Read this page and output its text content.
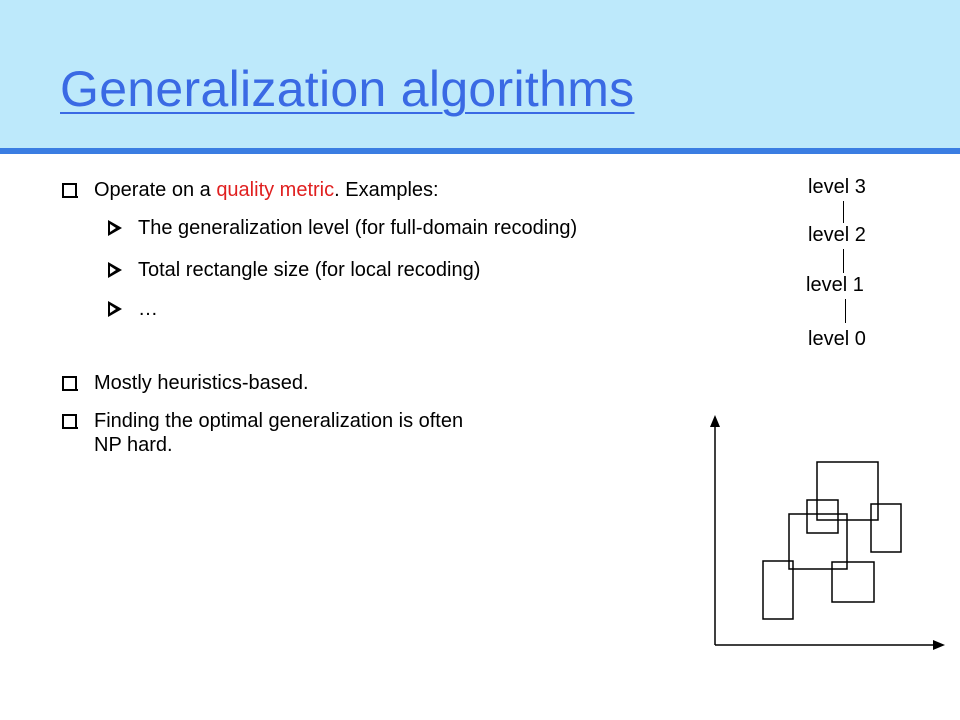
Generalization algorithms
Operate on a quality metric. Examples:
The generalization level (for full-domain recoding)
Total rectangle size (for local recoding)
…
Mostly heuristics-based.
Finding the optimal generalization is often
NP hard.
level 3
level 2
level 1
level 0
